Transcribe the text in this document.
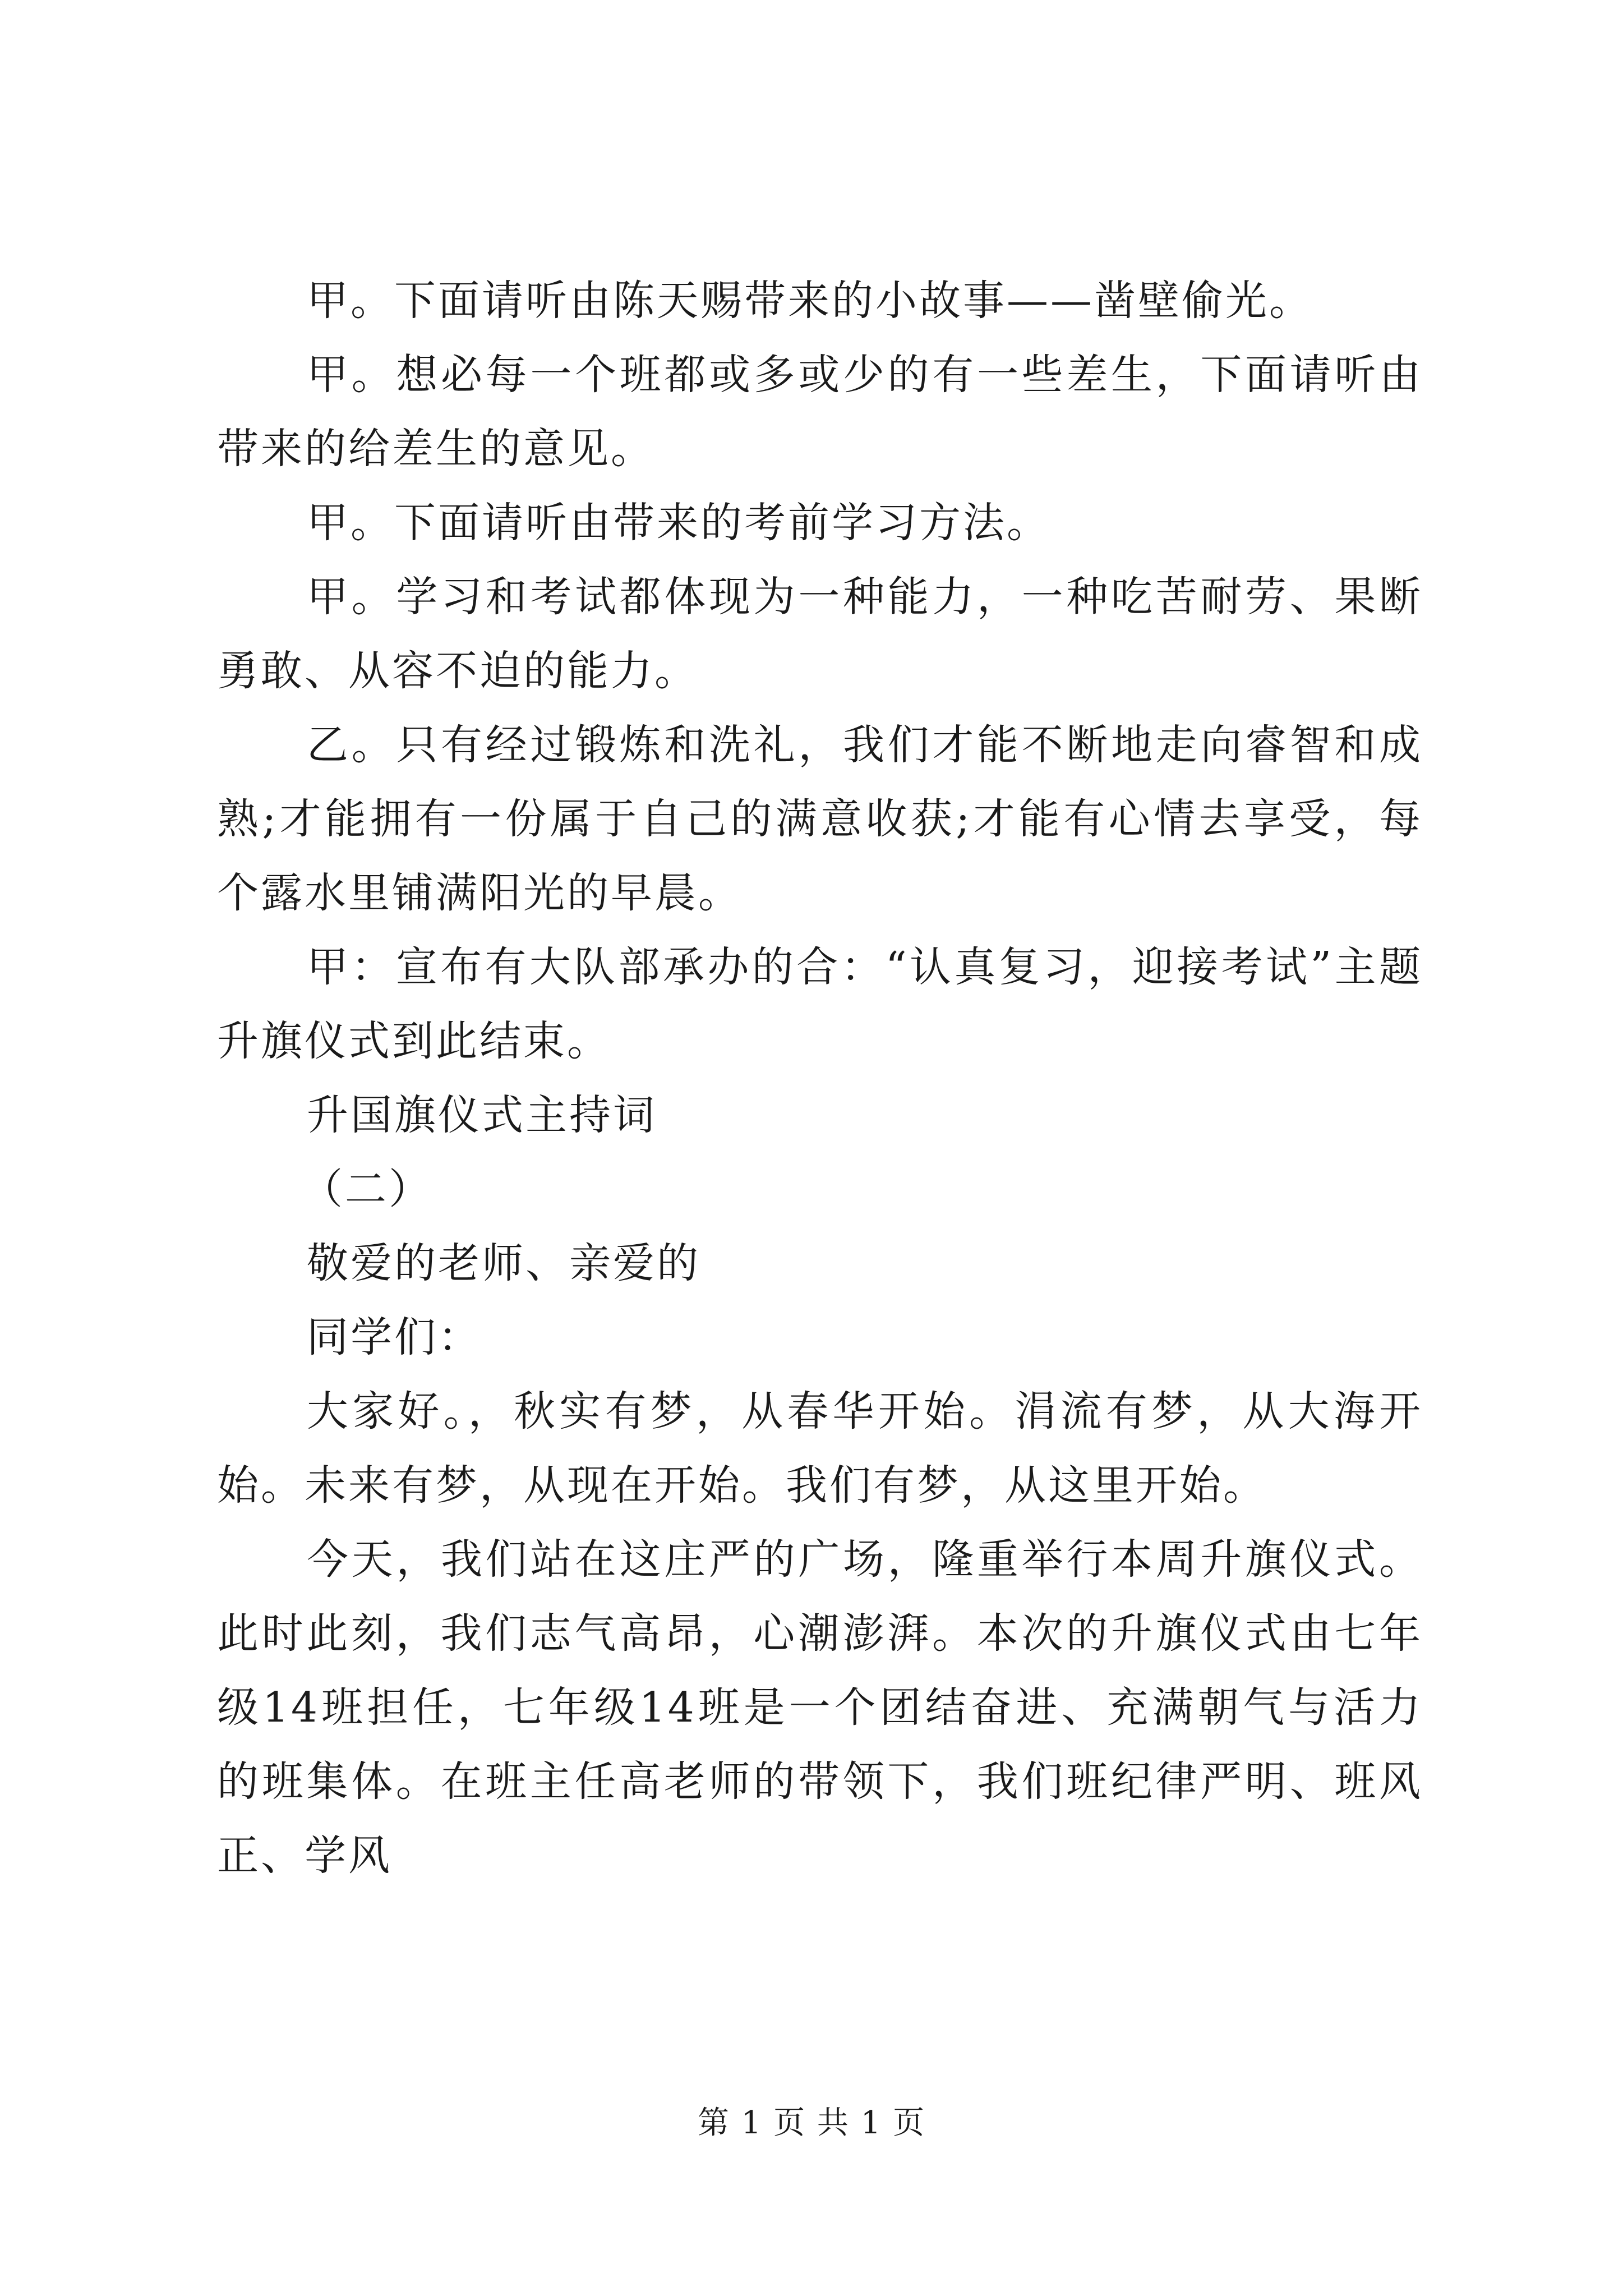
甲。下面请听由陈天赐带来的小故事——凿壁偷光。

甲。想必每一个班都或多或少的有一些差生，下面请听由带来的给差生的意见。

甲。下面请听由带来的考前学习方法。

甲。学习和考试都体现为一种能力，一种吃苦耐劳、果断勇敢、从容不迫的能力。

乙。只有经过锻炼和洗礼，我们才能不断地走向睿智和成熟;才能拥有一份属于自己的满意收获;才能有心情去享受，每个露水里铺满阳光的早晨。

甲：宣布有大队部承办的合：“认真复习，迎接考试”主题升旗仪式到此结束。

升国旗仪式主持词

（二）

敬爱的老师、亲爱的

同学们：

大家好。，秋实有梦，从春华开始。涓流有梦，从大海开始。未来有梦，从现在开始。我们有梦，从这里开始。

今天，我们站在这庄严的广场，隆重举行本周升旗仪式。此时此刻，我们志气高昂，心潮澎湃。本次的升旗仪式由七年级14班担任，七年级14班是一个团结奋进、充满朝气与活力的班集体。在班主任高老师的带领下，我们班纪律严明、班风正、学风

第 1 页 共 1 页
